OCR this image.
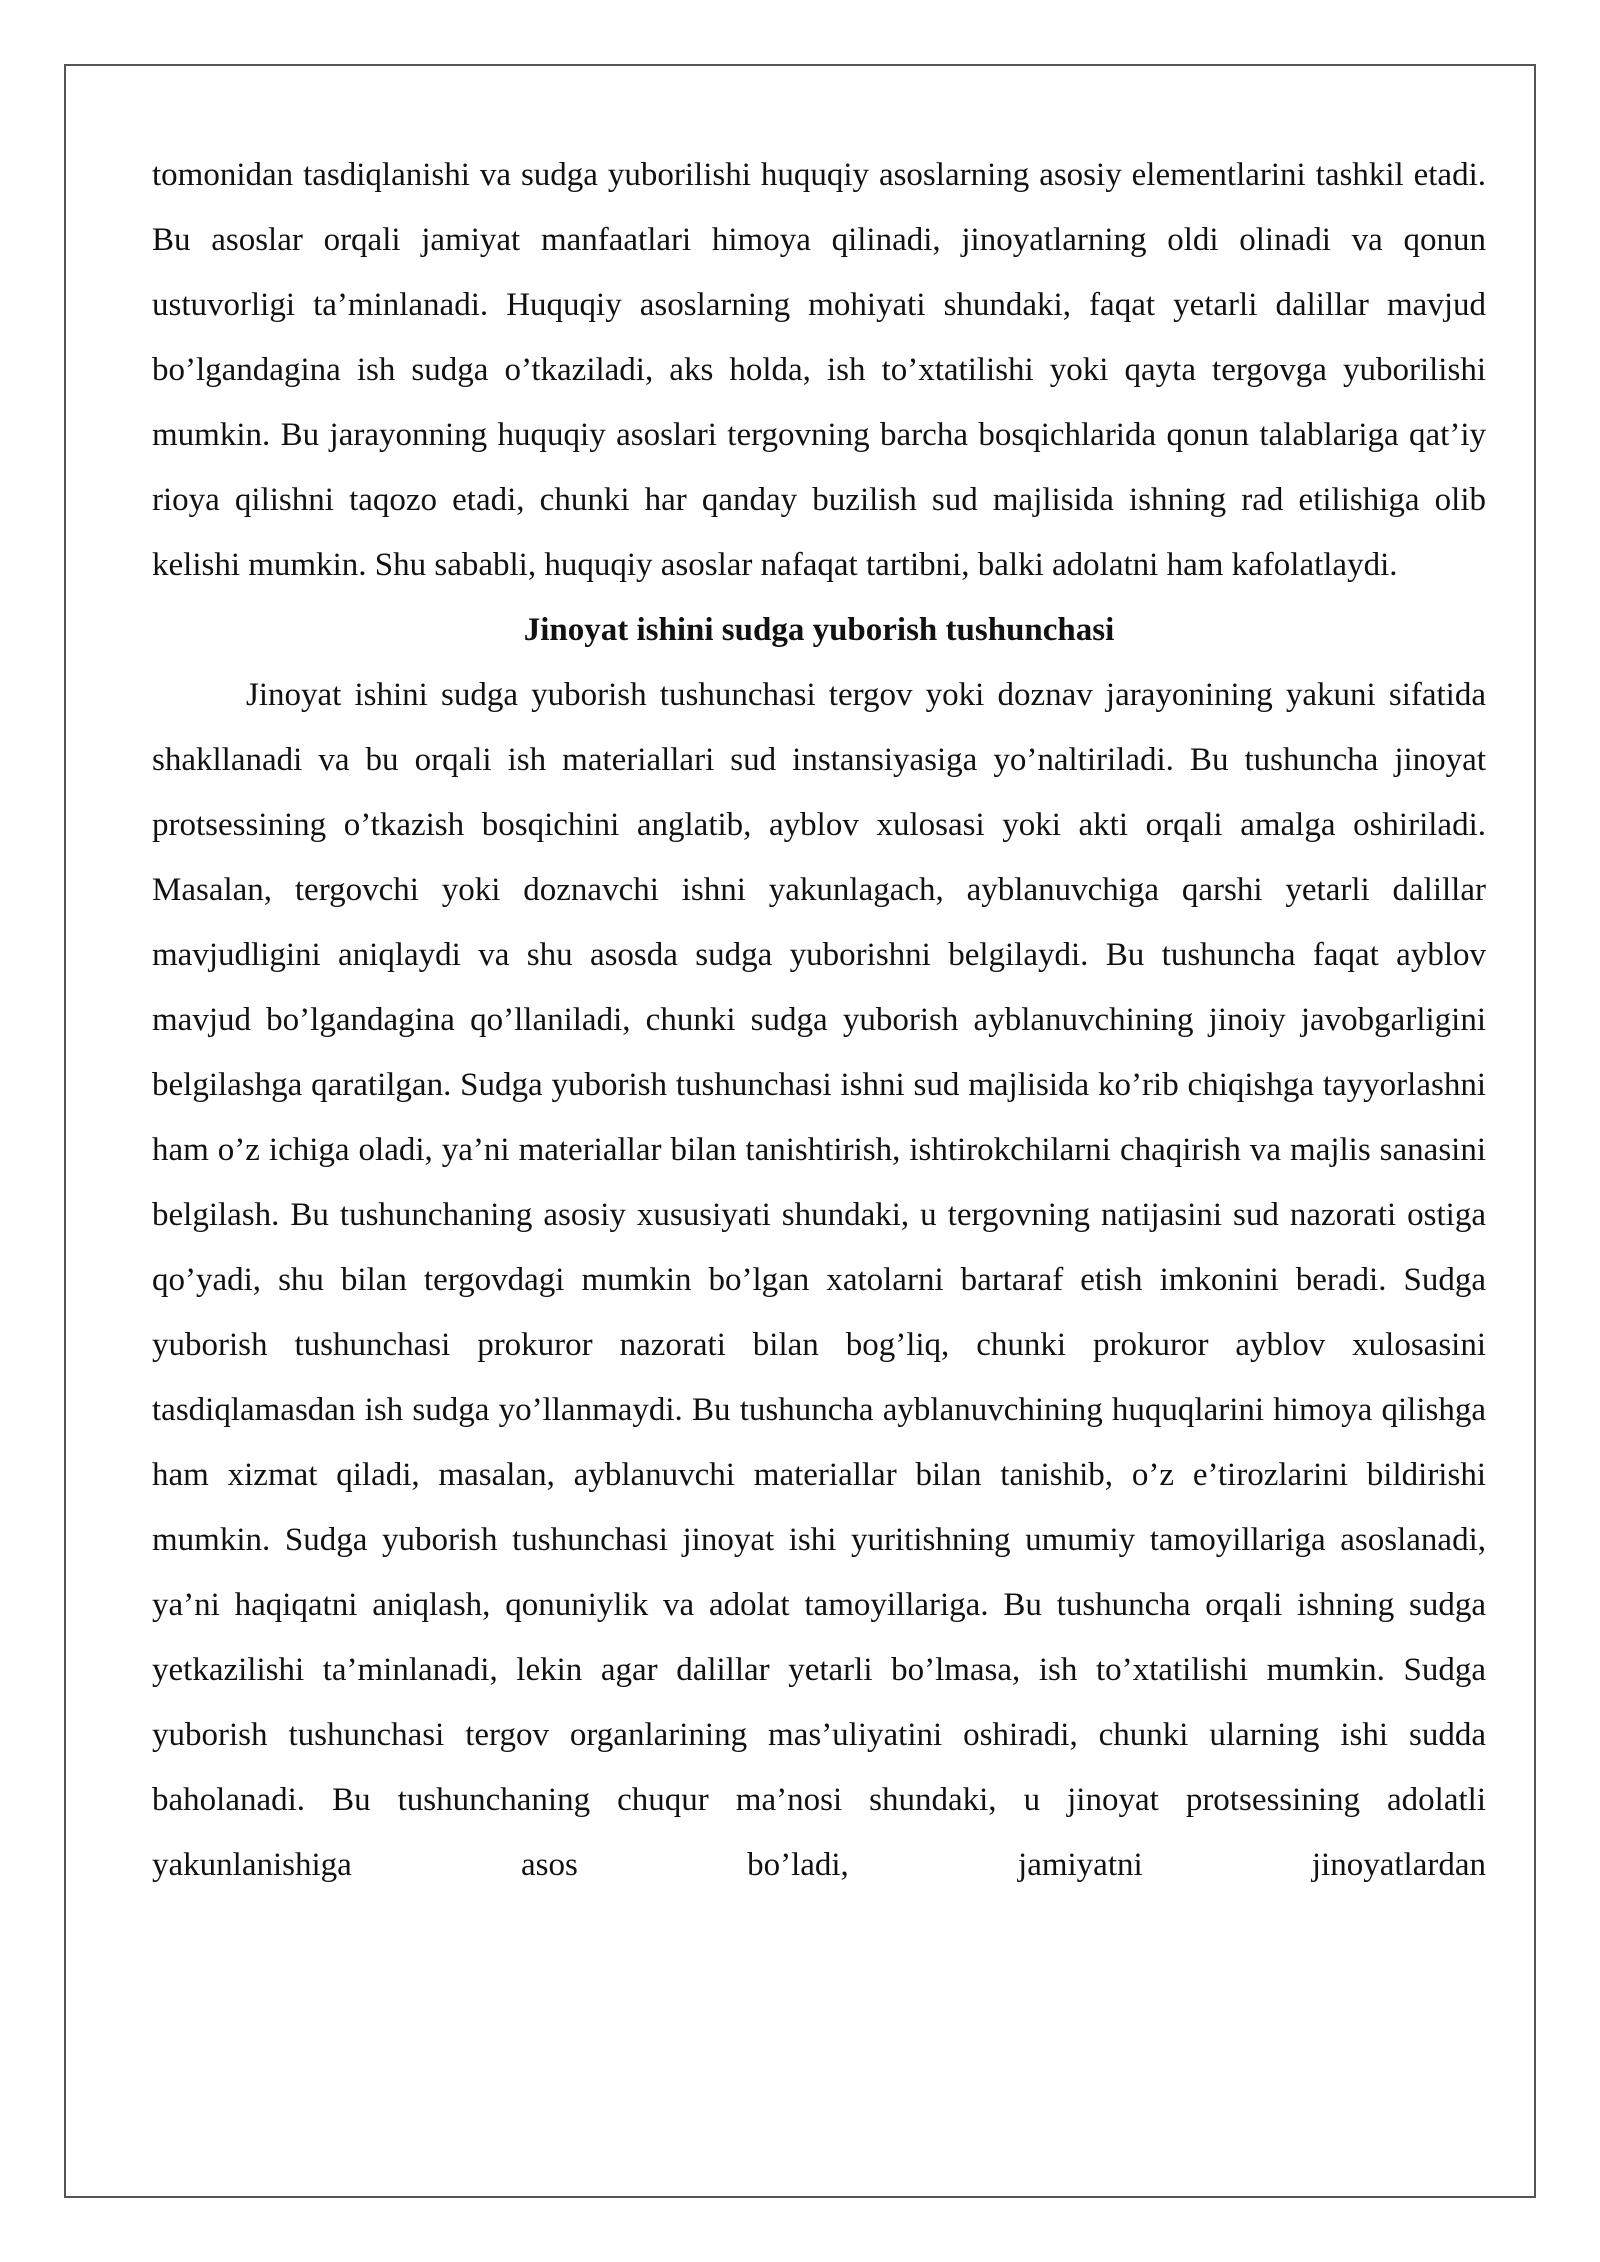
tomonidan tasdiqlanishi va sudga yuborilishi huquqiy asoslarning asosiy elementlarini tashkil etadi. Bu asoslar orqali jamiyat manfaatlari himoya qilinadi, jinoyatlarning oldi olinadi va qonun ustuvorligi ta’minlanadi. Huquqiy asoslarning mohiyati shundaki, faqat yetarli dalillar mavjud bo’lgandagina ish sudga o’tkaziladi, aks holda, ish to’xtatilishi yoki qayta tergovga yuborilishi mumkin. Bu jarayonning huquqiy asoslari tergovning barcha bosqichlarida qonun talablariga qat’iy rioya qilishni taqozo etadi, chunki har qanday buzilish sud majlisida ishning rad etilishiga olib kelishi mumkin. Shu sababli, huquqiy asoslar nafaqat tartibni, balki adolatni ham kafolatlaydi.

Jinoyat ishini sudga yuborish tushunchasi

Jinoyat ishini sudga yuborish tushunchasi tergov yoki doznav jarayonining yakuni sifatida shakllanadi va bu orqali ish materiallari sud instansiyasiga yo’naltiriladi. Bu tushuncha jinoyat protsessining o’tkazish bosqichini anglatib, ayblov xulosasi yoki akti orqali amalga oshiriladi. Masalan, tergovchi yoki doznavchi ishni yakunlagach, ayblanuvchiga qarshi yetarli dalillar mavjudligini aniqlaydi va shu asosda sudga yuborishni belgilaydi. Bu tushuncha faqat ayblov mavjud bo’lgandagina qo’llaniladi, chunki sudga yuborish ayblanuvchining jinoiy javobgarligini belgilashga qaratilgan. Sudga yuborish tushunchasi ishni sud majlisida ko’rib chiqishga tayyorlashni ham o’z ichiga oladi, ya’ni materiallar bilan tanishtirish, ishtirokchilarni chaqirish va majlis sanasini belgilash. Bu tushunchaning asosiy xususiyati shundaki, u tergovning natijasini sud nazorati ostiga qo’yadi, shu bilan tergovdagi mumkin bo’lgan xatolarni bartaraf etish imkonini beradi. Sudga yuborish tushunchasi prokuror nazorati bilan bog’liq, chunki prokuror ayblov xulosasini tasdiqlamasdan ish sudga yo’llanmaydi. Bu tushuncha ayblanuvchining huquqlarini himoya qilishga ham xizmat qiladi, masalan, ayblanuvchi materiallar bilan tanishib, o’z e’tirozlarini bildirishi mumkin. Sudga yuborish tushunchasi jinoyat ishi yuritishning umumiy tamoyillariga asoslanadi, ya’ni haqiqatni aniqlash, qonuniylik va adolat tamoyillariga. Bu tushuncha orqali ishning sudga yetkazilishi ta’minlanadi, lekin agar dalillar yetarli bo’lmasa, ish to’xtatilishi mumkin. Sudga yuborish tushunchasi tergov organlarining mas’uliyatini oshiradi, chunki ularning ishi sudda baholanadi. Bu tushunchaning chuqur ma’nosi shundaki, u jinoyat protsessining adolatli yakunlanishiga asos bo’ladi, jamiyatni jinoyatlardan
